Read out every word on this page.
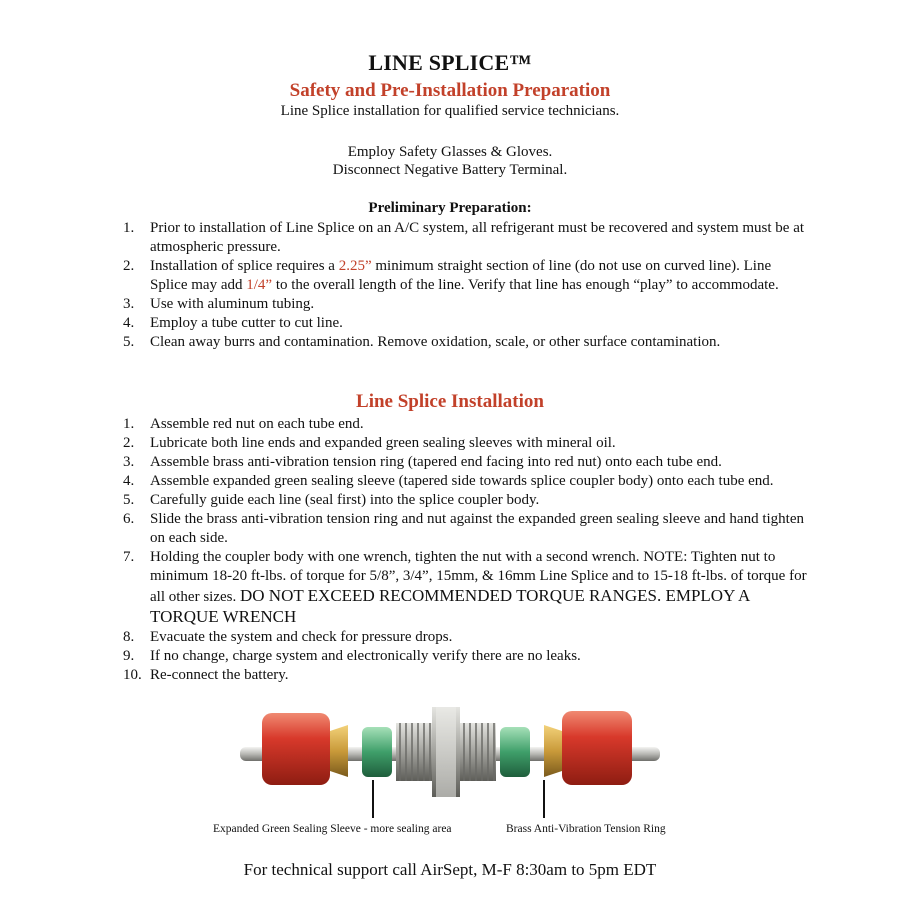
LINE SPLICE™
Safety and Pre-Installation Preparation
Line Splice installation for qualified service technicians.
Employ Safety Glasses & Gloves.
Disconnect Negative Battery Terminal.
Preliminary Preparation:
1. Prior to installation of Line Splice on an A/C system, all refrigerant must be recovered and system must be at atmospheric pressure.
2. Installation of splice requires a 2.25” minimum straight section of line (do not use on curved line). Line Splice may add 1/4” to the overall length of the line. Verify that line has enough “play” to accommodate.
3. Use with aluminum tubing.
4. Employ a tube cutter to cut line.
5. Clean away burrs and contamination. Remove oxidation, scale, or other surface contamination.
Line Splice Installation
1. Assemble red nut on each tube end.
2. Lubricate both line ends and expanded green sealing sleeves with mineral oil.
3. Assemble brass anti-vibration tension ring (tapered end facing into red nut) onto each tube end.
4. Assemble expanded green sealing sleeve (tapered side towards splice coupler body) onto each tube end.
5. Carefully guide each line (seal first) into the splice coupler body.
6. Slide the brass anti-vibration tension ring and nut against the expanded green sealing sleeve and hand tighten on each side.
7. Holding the coupler body with one wrench, tighten the nut with a second wrench. NOTE: Tighten nut to minimum 18-20 ft-lbs. of torque for 5/8”, 3/4”, 15mm, & 16mm Line Splice and to 15-18 ft-lbs. of torque for all other sizes. DO NOT EXCEED RECOMMENDED TORQUE RANGES. EMPLOY A TORQUE WRENCH
8. Evacuate the system and check for pressure drops.
9. If no change, charge system and electronically verify there are no leaks.
10. Re-connect the battery.
Expanded Green Sealing Sleeve - more sealing area	Brass Anti-Vibration Tension Ring
For technical support call AirSept, M-F 8:30am to 5pm EDT
